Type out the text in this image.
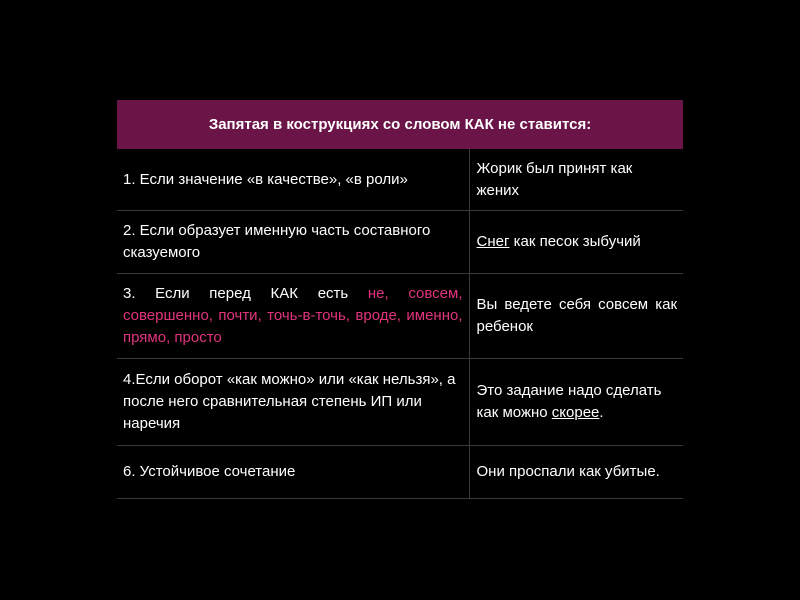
Запятая в кострукциях со словом КАК не ставится:	
1. Если значение «в качестве», «в роли»	Жорик был принят как жених
2. Если образует именную часть составного сказуемого	Снег как песок зыбучий
3. Если перед КАК есть не, совсем, совершенно, почти, точь-в-точь, вроде, именно, прямо, просто	Вы ведете себя совсем как ребенок
4.Если оборот «как можно» или «как нельзя», а после него сравнительная степень ИП или наречия	Это задание надо сделать как можно скорее.
6. Устойчивое сочетание	Они проспали как убитые.
